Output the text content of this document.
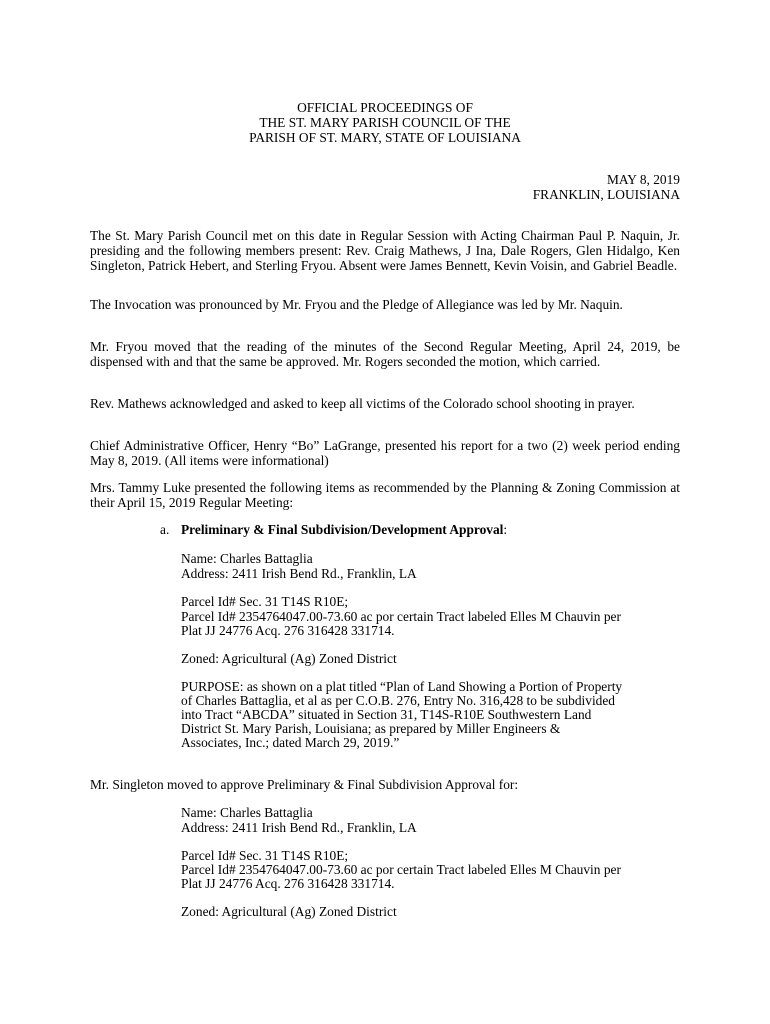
OFFICIAL PROCEEDINGS OF
THE ST. MARY PARISH COUNCIL OF THE
PARISH OF ST. MARY, STATE OF LOUISIANA
MAY 8, 2019
FRANKLIN, LOUISIANA

The St. Mary Parish Council met on this date in Regular Session with Acting Chairman Paul P. Naquin, Jr. presiding and the following members present: Rev. Craig Mathews, J Ina, Dale Rogers, Glen Hidalgo, Ken Singleton, Patrick Hebert, and Sterling Fryou. Absent were James Bennett, Kevin Voisin, and Gabriel Beadle.

The Invocation was pronounced by Mr. Fryou and the Pledge of Allegiance was led by Mr. Naquin.

Mr. Fryou moved that the reading of the minutes of the Second Regular Meeting, April 24, 2019, be dispensed with and that the same be approved. Mr. Rogers seconded the motion, which carried.

Rev. Mathews acknowledged and asked to keep all victims of the Colorado school shooting in prayer.

Chief Administrative Officer, Henry “Bo” LaGrange, presented his report for a two (2) week period ending May 8, 2019. (All items were informational)

Mrs. Tammy Luke presented the following items as recommended by the Planning & Zoning Commission at their April 15, 2019 Regular Meeting:

a. Preliminary & Final Subdivision/Development Approval:
Name: Charles Battaglia
Address: 2411 Irish Bend Rd., Franklin, LA
Parcel Id# Sec. 31 T14S R10E;
Parcel Id# 2354764047.00-73.60 ac por certain Tract labeled Elles M Chauvin per
Plat JJ 24776 Acq. 276 316428 331714.
Zoned: Agricultural (Ag) Zoned District
PURPOSE: as shown on a plat titled “Plan of Land Showing a Portion of Property
of Charles Battaglia, et al as per C.O.B. 276, Entry No. 316,428 to be subdivided
into Tract “ABCDA” situated in Section 31, T14S-R10E Southwestern Land
District St. Mary Parish, Louisiana; as prepared by Miller Engineers &
Associates, Inc.; dated March 29, 2019.”
Mr. Singleton moved to approve Preliminary & Final Subdivision Approval for:
Name: Charles Battaglia
Address: 2411 Irish Bend Rd., Franklin, LA
Parcel Id# Sec. 31 T14S R10E;
Parcel Id# 2354764047.00-73.60 ac por certain Tract labeled Elles M Chauvin per
Plat JJ 24776 Acq. 276 316428 331714.
Zoned: Agricultural (Ag) Zoned District
